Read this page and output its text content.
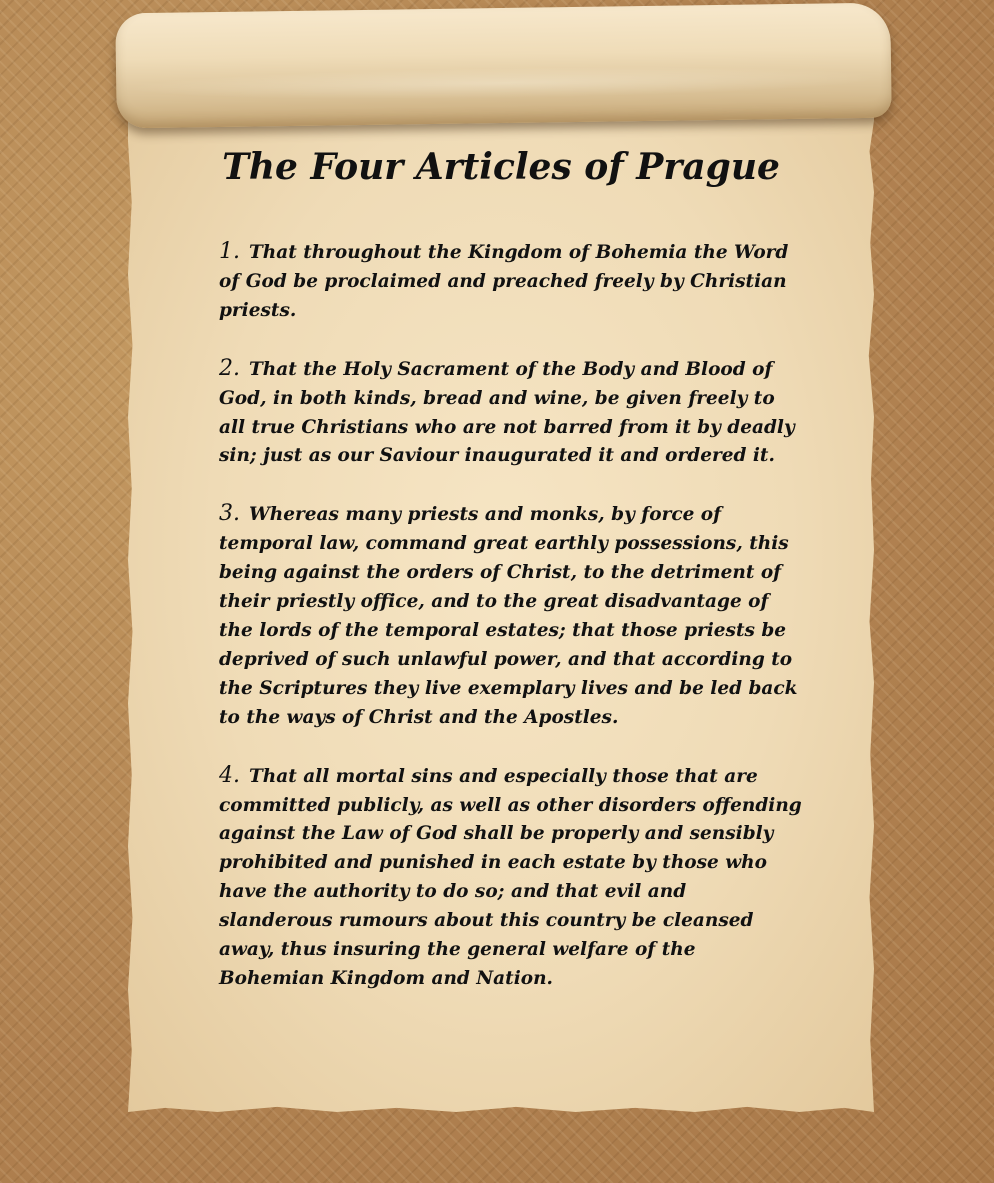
The Four Articles of Prague

1. That throughout the Kingdom of Bohemia the Word of God be proclaimed and preached freely by Christian priests.

2. That the Holy Sacrament of the Body and Blood of God, in both kinds, bread and wine, be given freely to all true Christians who are not barred from it by deadly sin; just as our Saviour inaugurated it and ordered it.

3. Whereas many priests and monks, by force of temporal law, command great earthly possessions, this being against the orders of Christ, to the detriment of their priestly office, and to the great disadvantage of the lords of the temporal estates; that those priests be deprived of such unlawful power, and that according to the Scriptures they live exemplary lives and be led back to the ways of Christ and the Apostles.

4. That all mortal sins and especially those that are committed publicly, as well as other disorders offending against the Law of God shall be properly and sensibly prohibited and punished in each estate by those who have the authority to do so; and that evil and slanderous rumours about this country be cleansed away, thus insuring the general welfare of the Bohemian Kingdom and Nation.
